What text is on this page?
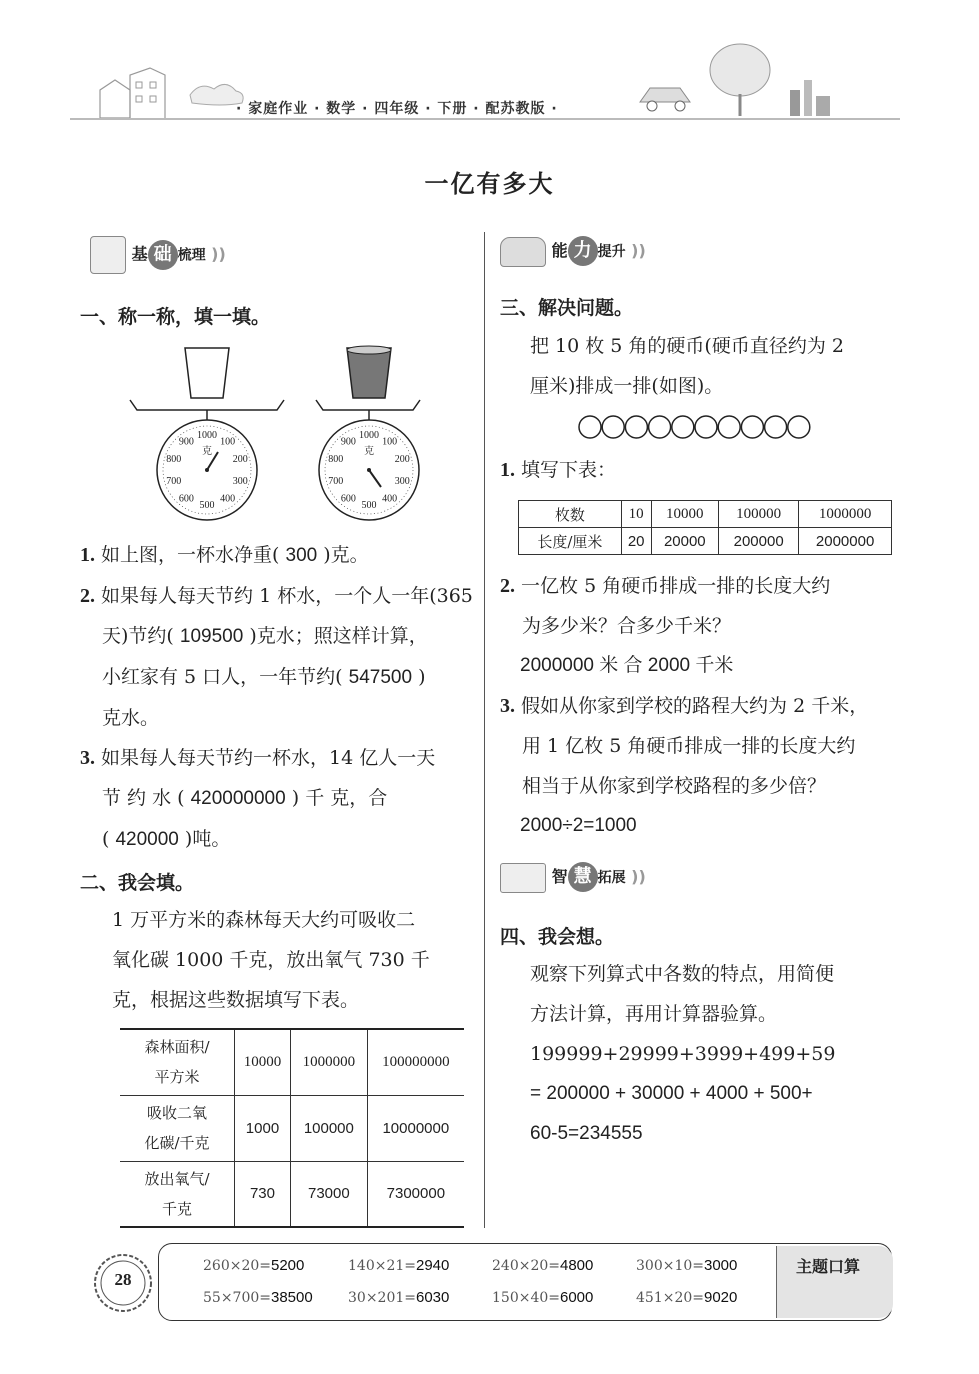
· 家庭作业 · 数学 · 四年级 · 下册 · 配苏教版 ·
一亿有多大
基 础 梳理 ))
一、称一称，填一填。
1000
100
200
300
400
500
600
700
800
900
克
1000
100
200
300
400
500
600
700
800
900
克
1. 如上图，一杯水净重( 300 )克。
2. 如果每人每天节约 1 杯水，一个人一年(365
天)节约( 109500 )克水；照这样计算，
小红家有 5 口人，一年节约( 547500 )
克水。
3. 如果每人每天节约一杯水，14 亿人一天
节 约 水 ( 420000000 ) 千 克，合
( 420000 )吨。
二、我会填。
1 万平方米的森林每天大约可吸收二
氧化碳 1000 千克，放出氧气 730 千
克，根据这些数据填写下表。
森林面积/
平方米	10000	1000000	100000000

吸收二氧
化碳/千克	1000	100000	10000000

放出氧气/
千克	730	73000	7300000
能 力 提升 ))
三、解决问题。
把 10 枚 5 角的硬币(硬币直径约为 2
厘米)排成一排(如图)。
1. 填写下表：
枚数	10	10000	100000	1000000
长度/厘米	20	20000	200000	2000000
2. 一亿枚 5 角硬币排成一排的长度大约
为多少米？合多少千米？
2000000 米 合 2000 千米
3. 假如从你家到学校的路程大约为 2 千米，
用 1 亿枚 5 角硬币排成一排的长度大约
相当于从你家到学校路程的多少倍？
2000÷2=1000
智 慧 拓展 ))
四、我会想。
观察下列算式中各数的特点，用简便
方法计算，再用计算器验算。
199999+29999+3999+499+59
= 200000 + 30000 + 4000 + 500+
60-5=234555
28
260×20=5200	140×21=2940	240×20=4800	300×10=3000
55×700=38500	30×201=6030	150×40=6000	451×20=9020
主题口算
